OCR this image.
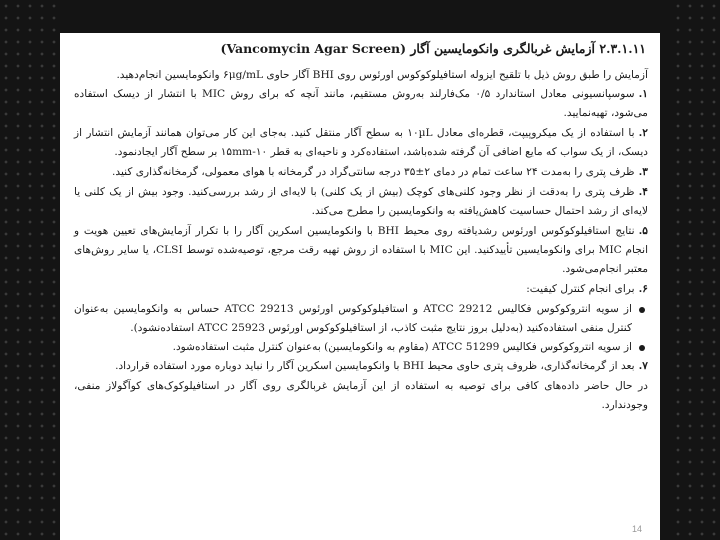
۲.۳.۱.۱۱ آزمایش غربالگری وانکومایسین آگار (Vancomycin Agar Screen)
آزمایش را طبق روش ذیل با تلقیح ایزوله استافیلوکوکوس اورئوس روی BHI آگار حاوی ۶μg/mL وانکومایسین انجام‌دهید.
۱.سوسپانسیونی معادل استاندارد ۰/۵ مک‌فارلند به‌روش مستقیم، مانند آنچه که برای روش MIC با انتشار از دیسک استفاده می‌شود، تهیه‌نمایید.
۲.با استفاده از یک میکروپیپت، قطره‌ای معادل ۱۰µL به سطح آگار منتقل کنید. به‌جای این کار می‌توان همانند آزمایش انتشار از دیسک، از یک سواب که مایع اضافی آن گرفته شده‌باشد، استفاده‌کرد و ناحیه‌ای به قطر ۱۰-۱۵mm بر سطح آگار ایجادنمود.
۳.ظرف پتری را به‌مدت ۲۴ ساعت تمام در دمای ۲±۳۵ درجه سانتی‌گراد در گرمخانه با هوای معمولی، گرمخانه‌گذاری کنید.
۴.ظرف پتری را به‌دقت از نظر وجود کلنی‌های کوچک (بیش از یک کلنی) با لایه‌ای از رشد بررسی‌کنید. وجود بیش از یک کلنی یا لایه‌ای از رشد احتمال حساسیت کاهش‌یافته به وانکومایسین را مطرح می‌کند.
۵.نتایج استافیلوکوکوس اورئوس رشدیافته روی محیط BHI با وانکومایسین اسکرین آگار را با تکرار آزمایش‌های تعیین هویت و انجام MIC برای وانکومایسین تأییدکنید. این MIC با استفاده از روش تهیه رقت مرجع، توصیه‌شده توسط CLSI، یا سایر روش‌های معتبر انجام‌می‌شود.
۶.برای انجام کنترل کیفیت:
از سویه انتروکوکوس فکالیس ATCC 29212 و استافیلوکوکوس اورئوس ATCC 29213 حساس به وانکومایسین به‌عنوان کنترل منفی استفاده‌کنید (به‌دلیل بروز نتایج مثبت کاذب، از استافیلوکوکوس اورئوس ATCC 25923 استفاده‌نشود).
از سویه انتروکوکوس فکالیس ATCC 51299 (مقاوم به وانکومایسین) به‌عنوان کنترل مثبت استفاده‌شود.
۷.بعد از گرمخانه‌گذاری، ظروف پتری حاوی محیط BHI با وانکومایسین اسکرین آگار را نباید دوباره مورد استفاده قرارداد.
در حال حاضر داده‌های کافی برای توصیه به استفاده از این آزمایش غربالگری روی آگار در استافیلوکوک‌های کوآگولاز منفی، وجودندارد.
14
